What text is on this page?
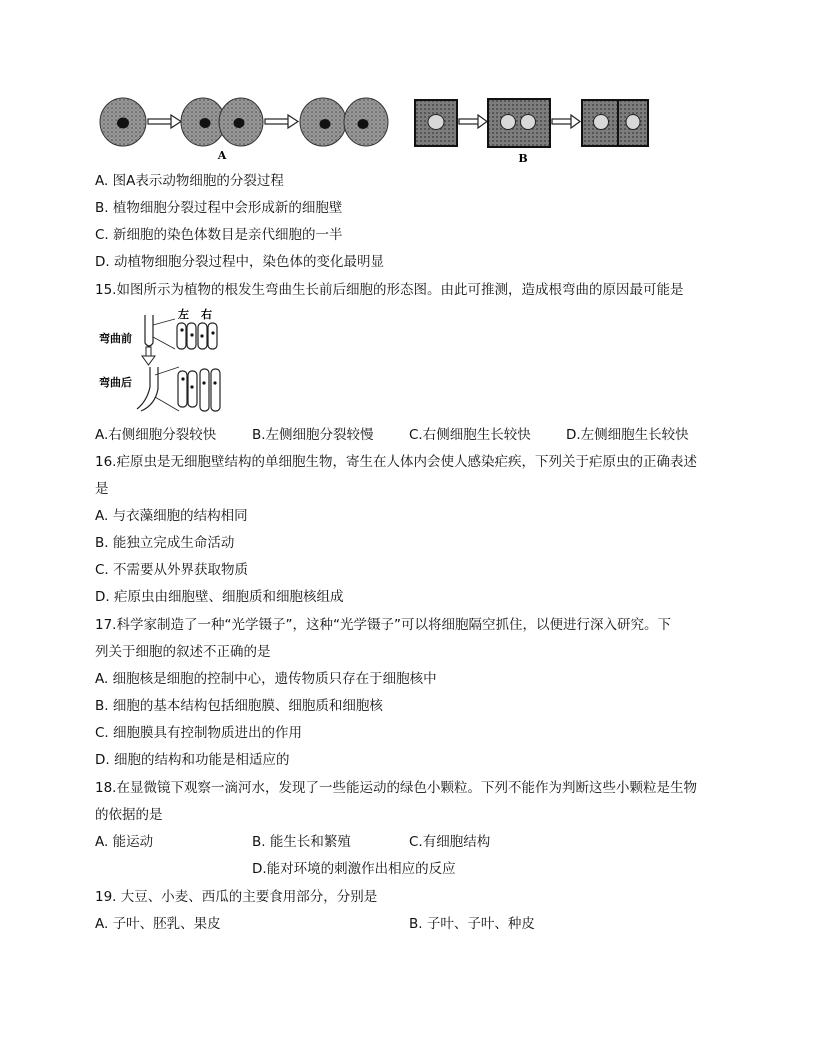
A	B
A. 图A表示动物细胞的分裂过程
B. 植物细胞分裂过程中会形成新的细胞壁
C. 新细胞的染色体数目是亲代细胞的一半
D. 动植物细胞分裂过程中，染色体的变化最明显
15.如图所示为植物的根发生弯曲生长前后细胞的形态图。由此可推测，造成根弯曲的原因最可能是
弯曲前
弯曲后
左 右
A.右侧细胞分裂较快	B.左侧细胞分裂较慢	C.右侧细胞生长较快	D.左侧细胞生长较快
16.疟原虫是无细胞壁结构的单细胞生物，寄生在人体内会使人感染疟疾，下列关于疟原虫的正确表述
是
A. 与衣藻细胞的结构相同
B. 能独立完成生命活动
C. 不需要从外界获取物质
D. 疟原虫由细胞壁、细胞质和细胞核组成
17.科学家制造了一种“光学镊子”，这种“光学镊子”可以将细胞隔空抓住，以便进行深入研究。下
列关于细胞的叙述不正确的是
A. 细胞核是细胞的控制中心，遗传物质只存在于细胞核中
B. 细胞的基本结构包括细胞膜、细胞质和细胞核
C. 细胞膜具有控制物质进出的作用
D. 细胞的结构和功能是相适应的
18.在显微镜下观察一滴河水，发现了一些能运动的绿色小颗粒。下列不能作为判断这些小颗粒是生物
的依据的是
A. 能运动	B. 能生长和繁殖	C.有细胞结构
D.能对环境的刺激作出相应的反应
19. 大豆、小麦、西瓜的主要食用部分，分别是
A. 子叶、胚乳、果皮	B. 子叶、子叶、种皮
